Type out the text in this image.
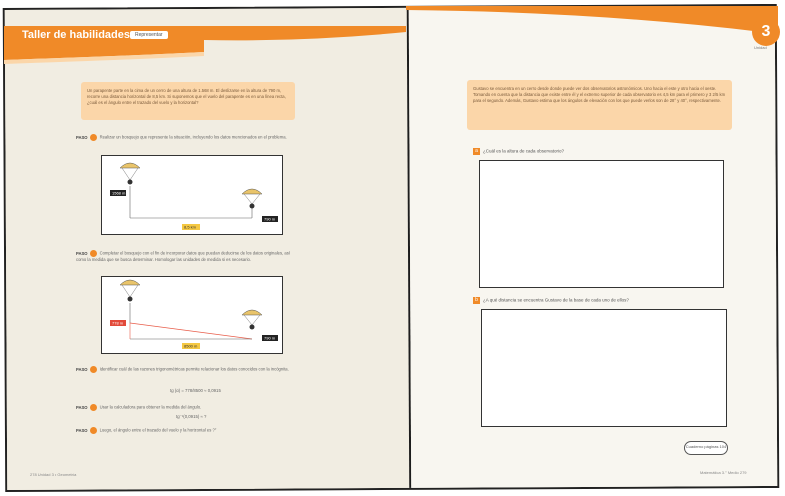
Taller de habilidades	Representar	3
Unidad
Un parapente parte en la cima de un cerro de una altura de 1.568 m. El deslizarse en la altura de 790 m, recorre una distancia horizontal de 8,5 km. Si suponemos que el vuelo del parapente es en una línea recta, ¿cuál es el ángulo entre el trazado del vuelo y la horizontal?
PASO	Realizar un bosquejo que represente la situación, incluyendo los datos mencionados en el problema.
1568 m
790 m
8,5 km
PASO	Completar el bosquejo con el fin de incorporar datos que puedan deducirse de los datos originales, así como la medida que se busca determinar. Homologar las unidades de medida si es necesario.
778 m
790 m
8500 m
PASO	Identificar cuál de las razones trigonométricas permite relacionar los datos conocidos con la incógnita.
tg (α) = 778/8500 ≈ 0,0915
PASO	Usar la calculadora para obtener la medida del ángulo.
tg⁻¹(0,0915) ≈ ?
PASO	Luego, el ángulo entre el trazado del vuelo y la horizontal es ?°
278 Unidad 3 • Geometría
Gustavo se encuentra en un cerro desde donde puede ver dos observatorios astronómicos. Uno hacia el este y otro hacia el oeste. Tomando en cuenta que la distancia que existe entre él y el extremo superior de cada observatorio es 4,5 km para el primero y 3 2/5 km para el segundo. Además, Gustavo estima que los ángulos de elevación con los que puede verlos son de 28° y 40°, respectivamente.
a ¿Cuál es la altura de cada observatorio?
b ¿A qué distancia se encuentra Gustavo de la base de cada uno de ellos?
Cuaderno páginas 104
Matemática 3.° Medio 279
